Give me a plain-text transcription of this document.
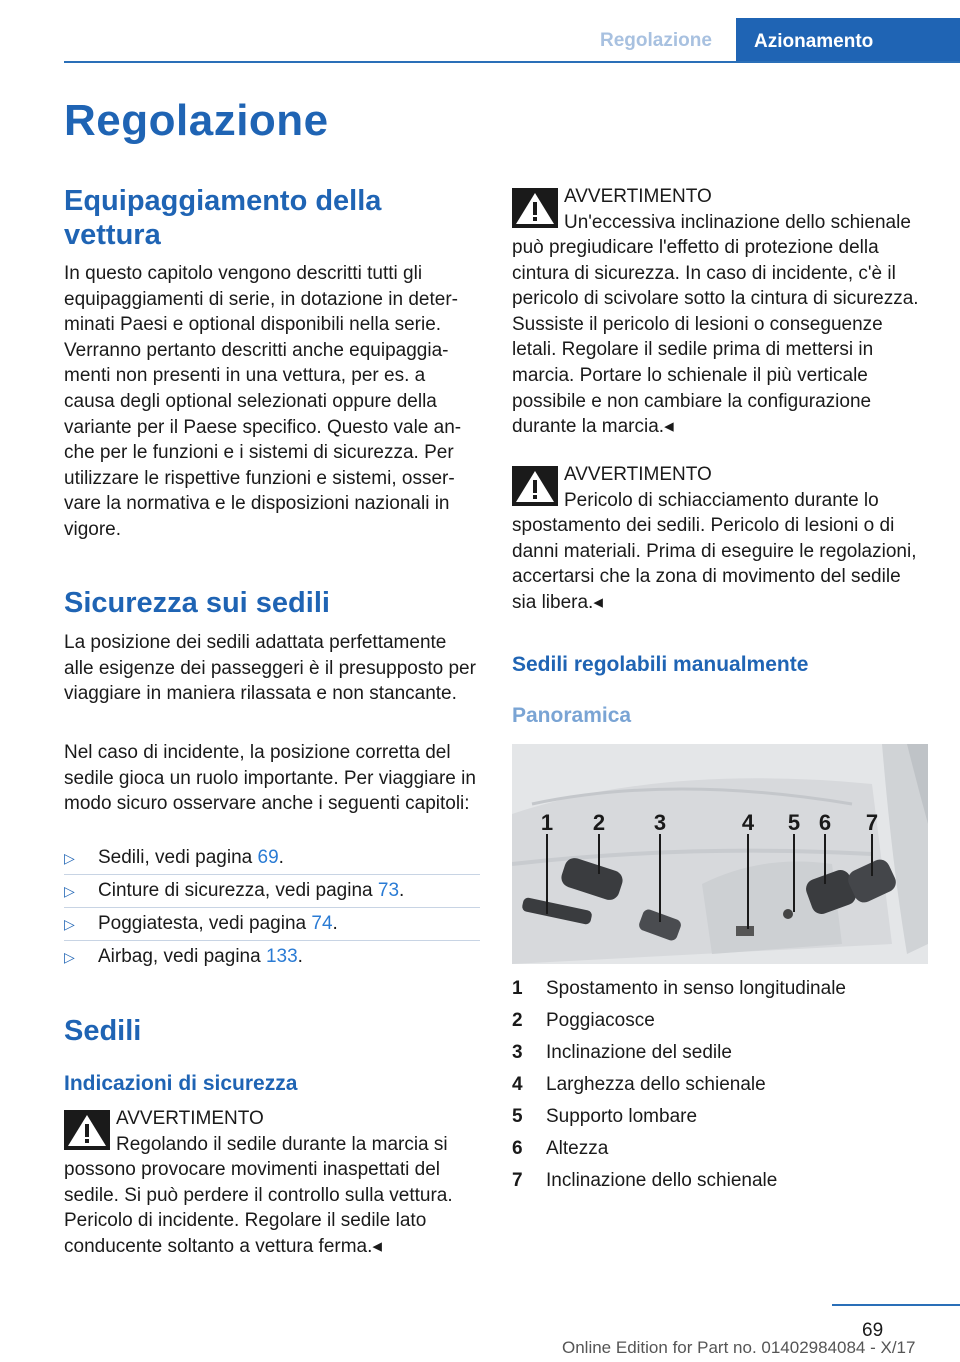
Regolazione	Azionamento
Regolazione
Equipaggiamento della vettura

In questo capitolo vengono descritti tutti gli equipaggiamenti di serie, in dotazione in determinati Paesi e optional disponibili nella serie. Verranno pertanto descritti anche equipaggiamenti non presenti in una vettura, per es. a causa degli optional selezionati oppure della variante per il Paese specifico. Questo vale anche per le funzioni e i sistemi di sicurezza. Per utilizzare le rispettive funzioni e sistemi, osservare la normativa e le disposizioni nazionali in vigore.

Sicurezza sui sedili

La posizione dei sedili adattata perfettamente alle esigenze dei passeggeri è il presupposto per viaggiare in maniera rilassata e non stancante.

Nel caso di incidente, la posizione corretta del sedile gioca un ruolo importante. Per viaggiare in modo sicuro osservare anche i seguenti capitoli:

▷ Sedili, vedi pagina 69.
▷ Cinture di sicurezza, vedi pagina 73.
▷ Poggiatesta, vedi pagina 74.
▷ Airbag, vedi pagina 133.
Sedili
Indicazioni di sicurezza
AVVERTIMENTO
Regolando il sedile durante la marcia si
possono provocare movimenti inaspettati del sedile. Si può perdere il controllo sulla vettura. Pericolo di incidente. Regolare il sedile lato conducente soltanto a vettura ferma.◂
AVVERTIMENTO
Un'eccessiva inclinazione dello schienale
può pregiudicare l'effetto di protezione della cintura di sicurezza. In caso di incidente, c'è il pericolo di scivolare sotto la cintura di sicurezza. Sussiste il pericolo di lesioni o conseguenze letali. Regolare il sedile prima di mettersi in marcia. Portare lo schienale il più verticale possibile e non cambiare la configurazione durante la marcia.◂
AVVERTIMENTO
Pericolo di schiacciamento durante lo
spostamento dei sedili. Pericolo di lesioni o di danni materiali. Prima di eseguire le regolazioni, accertarsi che la zona di movimento del sedile sia libera.◂
Sedili regolabili manualmente
Panoramica
1 2 3	4 5 6 7
1 Spostamento in senso longitudinale
2 Poggiacosce
3 Inclinazione del sedile
4 Larghezza dello schienale
5 Supporto lombare
6 Altezza
7 Inclinazione dello schienale
69
Online Edition for Part no. 01402984084 - X/17
